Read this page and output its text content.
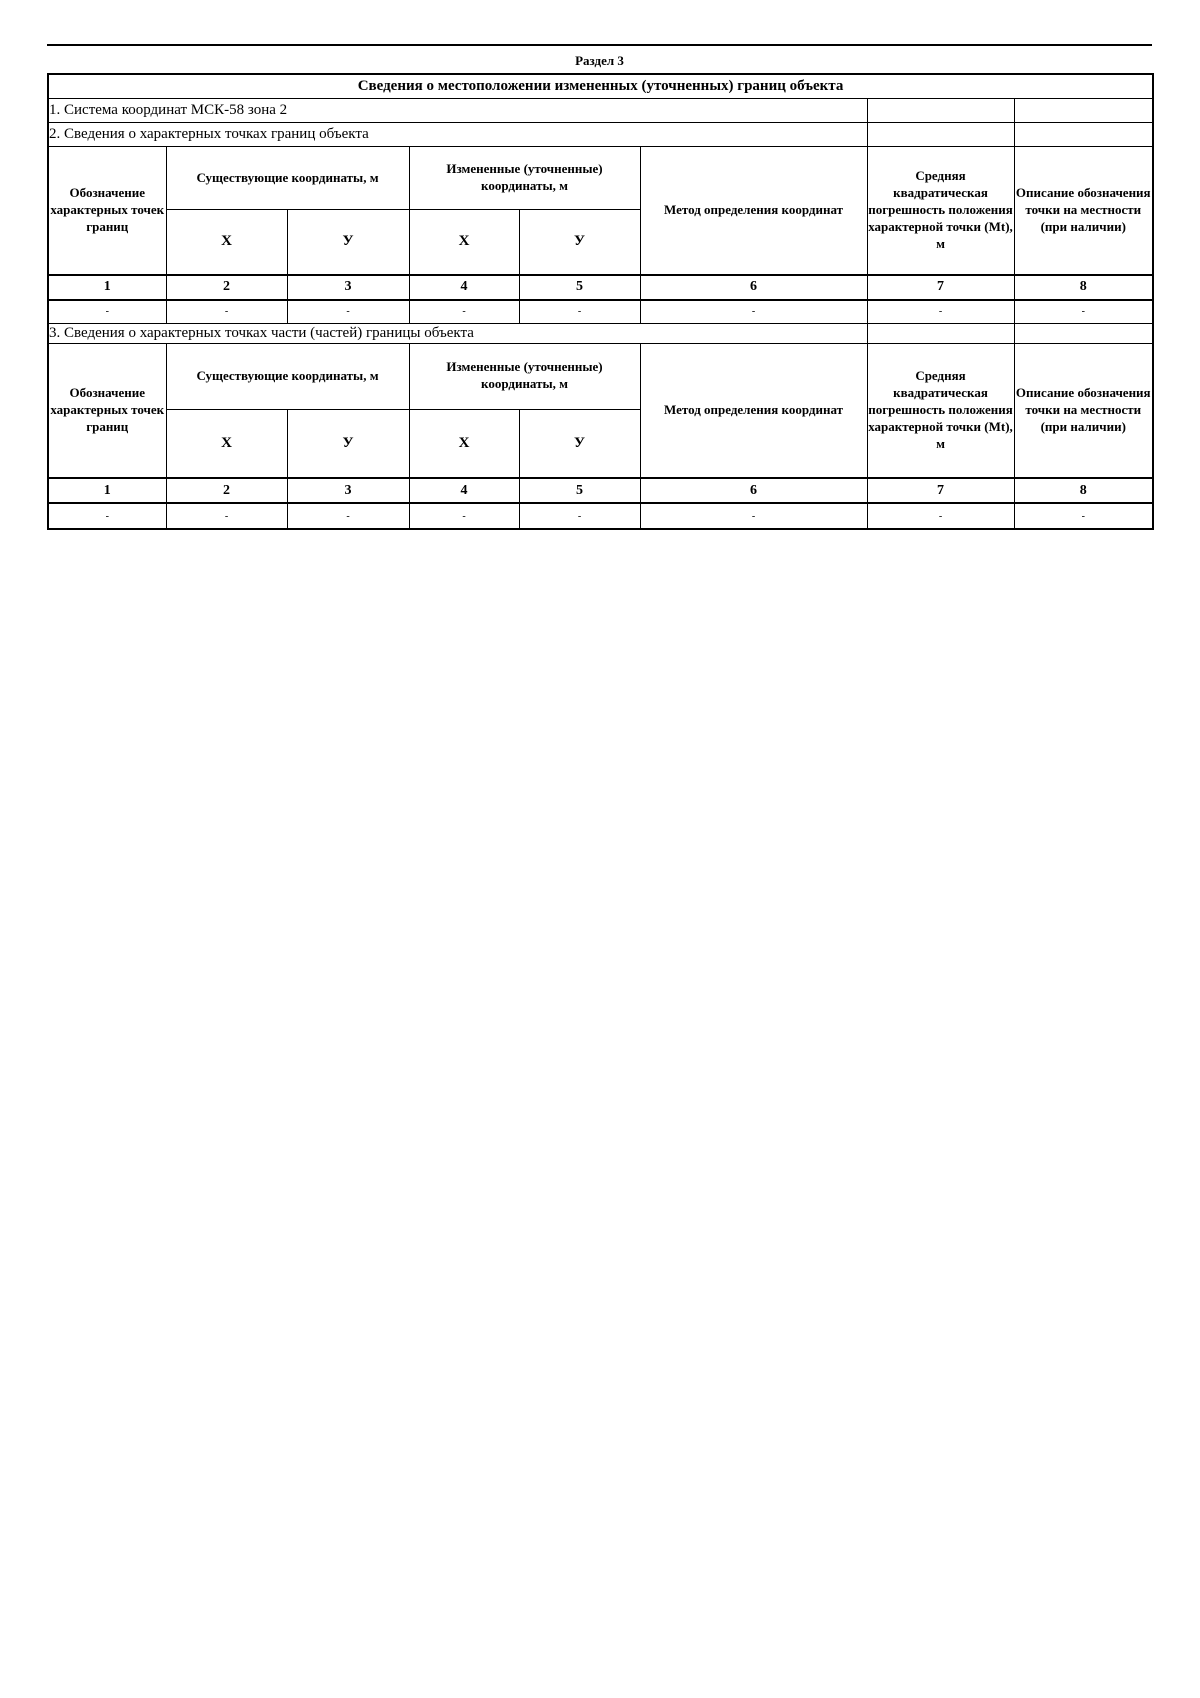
Раздел 3
Сведения о местоположении измененных (уточненных) границ объекта							
1. Система координат МСК-58 зона 2							
2. Сведения о характерных точках границ объекта							
Обозначение характерных точек границ	Существующие координаты, м		Измененные (уточненные) координаты, м		Метод определения координат	Средняя квадратическая погрешность положения характерной точки (Mt), м	Описание обозначения точки на местности (при наличии)
	Х	У	Х	У			
1	2	3	4	5	6	7	8
-	-	-	-	-	-	-	-
3. Сведения о характерных точках части (частей) границы объекта							
Обозначение характерных точек границ	Существующие координаты, м		Измененные (уточненные) координаты, м		Метод определения координат	Средняя квадратическая погрешность положения характерной точки (Mt), м	Описание обозначения точки на местности (при наличии)
	Х	У	Х	У			
1	2	3	4	5	6	7	8
-	-	-	-	-	-	-	-
